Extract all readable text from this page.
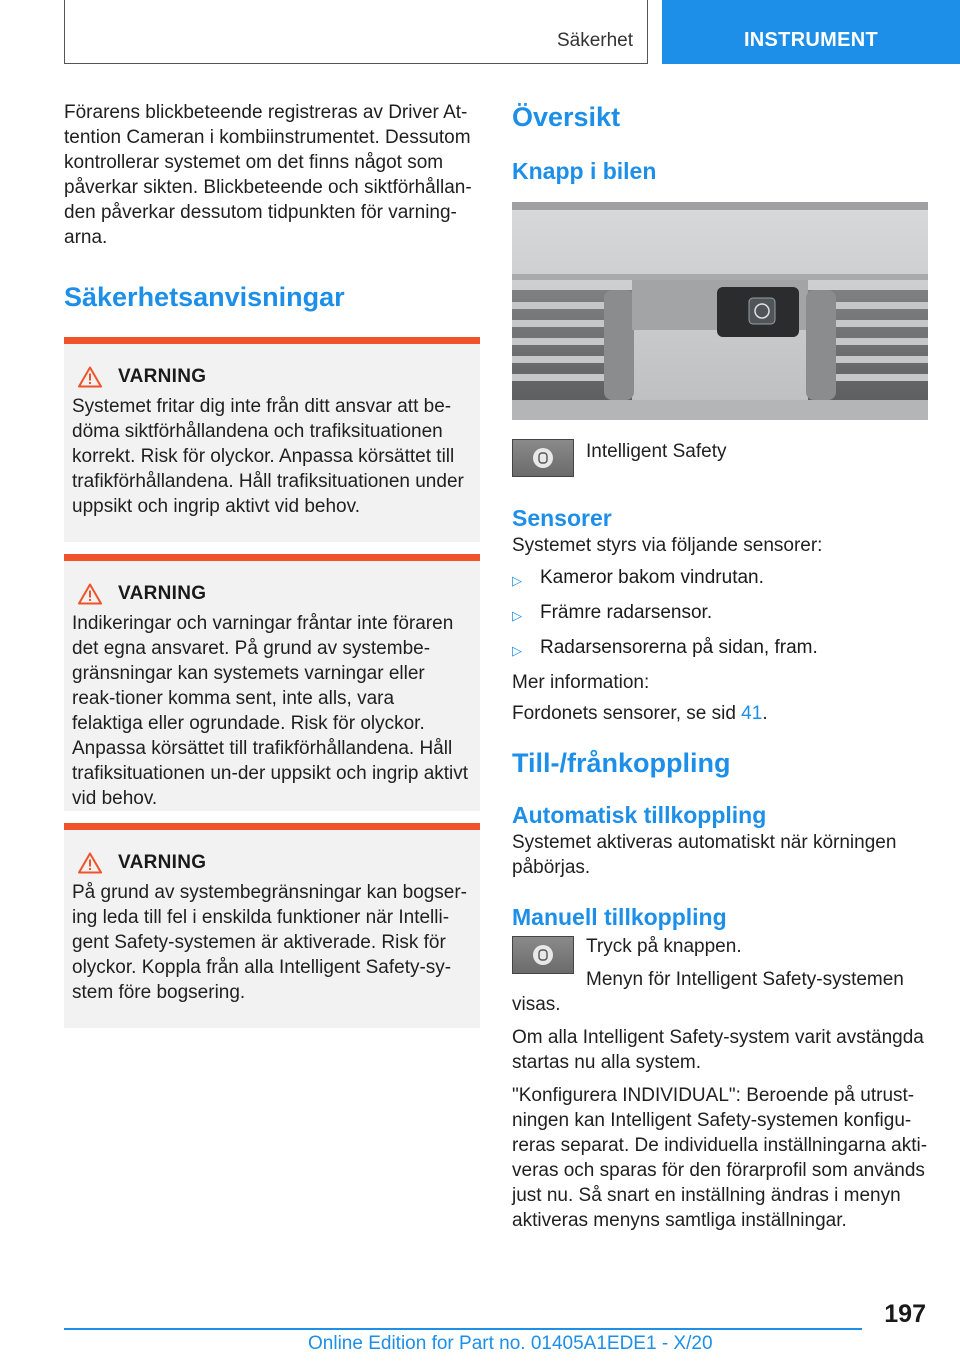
Säkerhet	INSTRUMENT

Förarens blickbeteende registreras av Driver At-tention Cameran i kombiinstrumentet. Dessutom kontrollerar systemet om det finns något som påverkar sikten. Blickbeteende och siktförhållan-den påverkar dessutom tidpunkten för varning-arna.

Säkerhetsanvisningar
VARNING

Systemet fritar dig inte från ditt ansvar att be-döma siktförhållandena och trafiksituationen korrekt. Risk för olyckor. Anpassa körsättet till trafikförhållandena. Håll trafiksituationen under uppsikt och ingrip aktivt vid behov.

VARNING

Indikeringar och varningar fråntar inte föraren det egna ansvaret. På grund av systembe-gränsningar kan systemets varningar eller reak-tioner komma sent, inte alls, vara felaktiga eller ogrundade. Risk för olyckor. Anpassa körsättet till trafikförhållandena. Håll trafiksituationen un-der uppsikt och ingrip aktivt vid behov.

VARNING

På grund av systembegränsningar kan bogser-ing leda till fel i enskilda funktioner när Intelli-gent Safety-systemen är aktiverade. Risk för olyckor. Koppla från alla Intelligent Safety-sy-stem före bogsering.

Översikt
Knapp i bilen

Intelligent Safety

Sensorer

Systemet styrs via följande sensorer:

▷ Kameror bakom vindrutan.
▷ Främre radarsensor.
▷ Radarsensorerna på sidan, fram.

Mer information:

Fordonets sensorer, se sid 41.

Till-/frånkoppling
Automatisk tillkoppling

Systemet aktiveras automatiskt när körningen påbörjas.

Manuell tillkoppling

Tryck på knappen.

Menyn för Intelligent Safety-systemen visas.

Om alla Intelligent Safety-system varit avstängda startas nu alla system.

"Konfigurera INDIVIDUAL": Beroende på utrust-ningen kan Intelligent Safety-systemen konfigu-reras separat. De individuella inställningarna akti-veras och sparas för den förarprofil som används just nu. Så snart en inställning ändras i menyn aktiveras menyns samtliga inställningar.

197
Online Edition for Part no. 01405A1EDE1 - X/20
